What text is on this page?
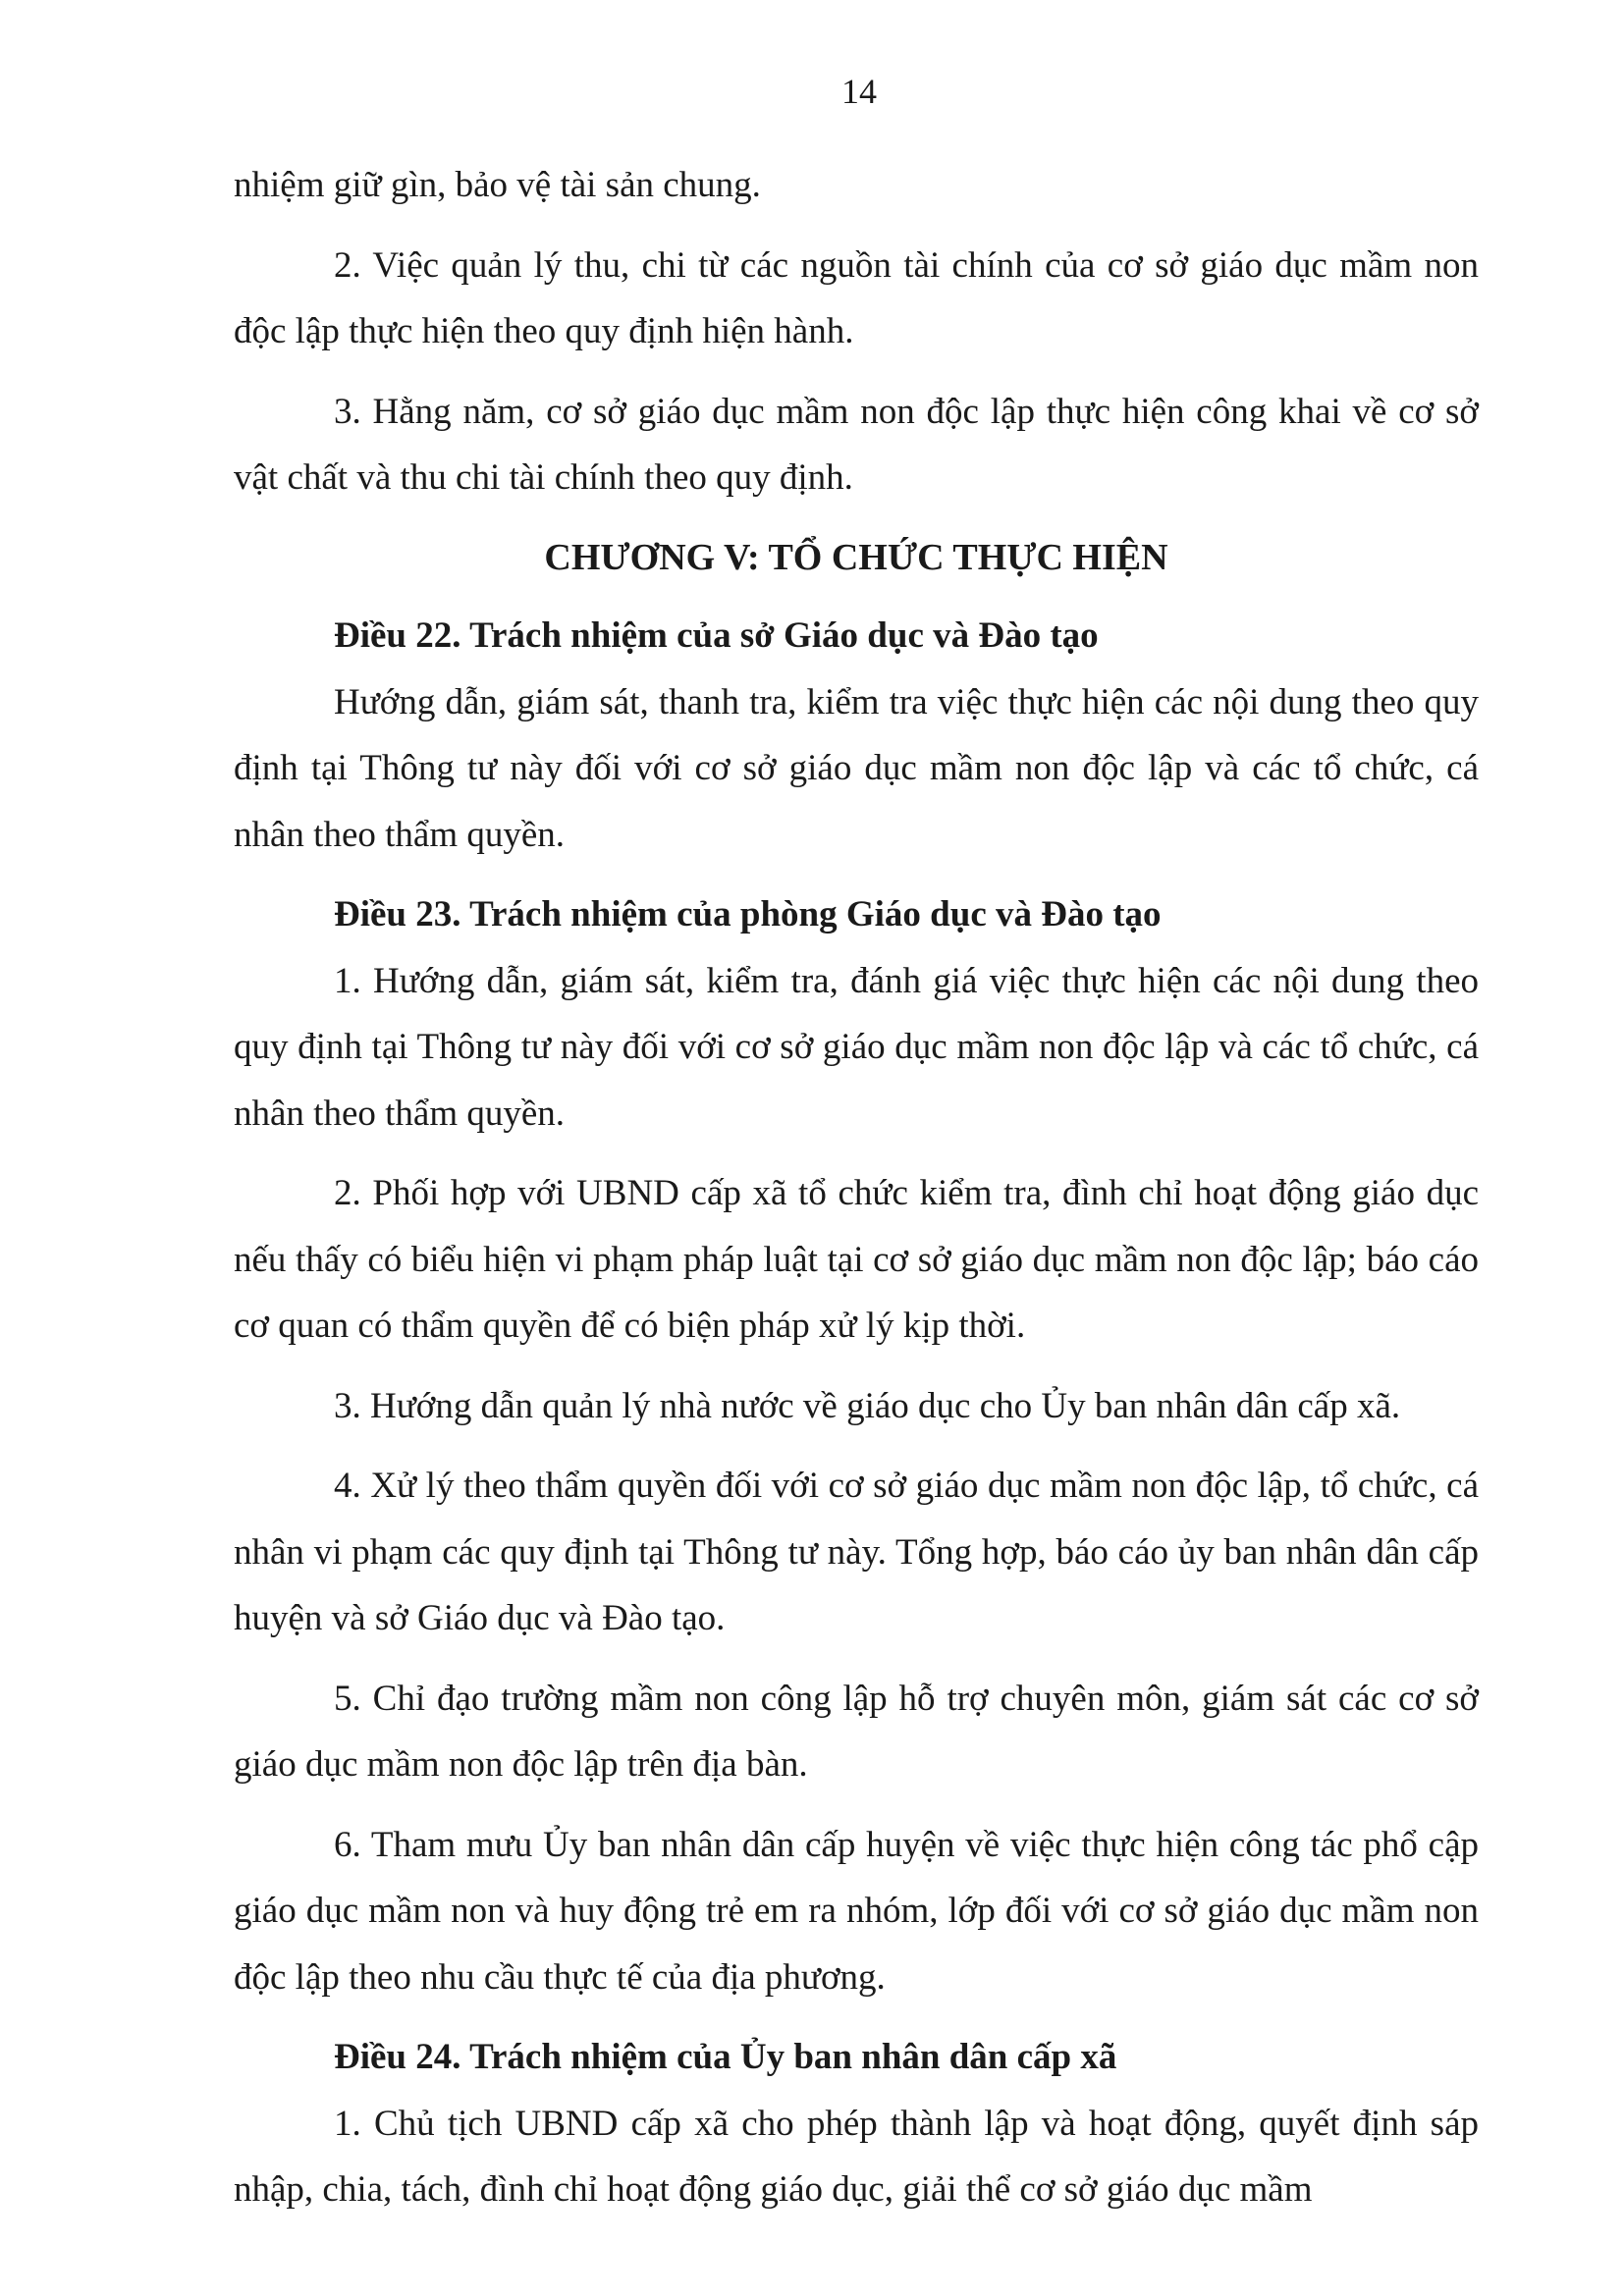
14

nhiệm giữ gìn, bảo vệ tài sản chung.

2. Việc quản lý thu, chi từ các nguồn tài chính của cơ sở giáo dục mầm non độc lập thực hiện theo quy định hiện hành.

3. Hằng năm, cơ sở giáo dục mầm non độc lập thực hiện công khai về cơ sở vật chất và thu chi tài chính theo quy định.

CHƯƠNG V: TỔ CHỨC THỰC HIỆN

Điều 22. Trách nhiệm của sở Giáo dục và Đào tạo

Hướng dẫn, giám sát, thanh tra, kiểm tra việc thực hiện các nội dung theo quy định tại Thông tư này đối với cơ sở giáo dục mầm non độc lập và các tổ chức, cá nhân theo thẩm quyền.

Điều 23. Trách nhiệm của phòng Giáo dục và Đào tạo

1. Hướng dẫn, giám sát, kiểm tra, đánh giá việc thực hiện các nội dung theo quy định tại Thông tư này đối với cơ sở giáo dục mầm non độc lập và các tổ chức, cá nhân theo thẩm quyền.

2. Phối hợp với UBND cấp xã tổ chức kiểm tra, đình chỉ hoạt động giáo dục nếu thấy có biểu hiện vi phạm pháp luật tại cơ sở giáo dục mầm non độc lập; báo cáo cơ quan có thẩm quyền để có biện pháp xử lý kịp thời.

3. Hướng dẫn quản lý nhà nước về giáo dục cho Ủy ban nhân dân cấp xã.

4. Xử lý theo thẩm quyền đối với cơ sở giáo dục mầm non độc lập, tổ chức, cá nhân vi phạm các quy định tại Thông tư này. Tổng hợp, báo cáo ủy ban nhân dân cấp huyện và sở Giáo dục và Đào tạo.

5. Chỉ đạo trường mầm non công lập hỗ trợ chuyên môn, giám sát các cơ sở giáo dục mầm non độc lập trên địa bàn.

6. Tham mưu Ủy ban nhân dân cấp huyện về việc thực hiện công tác phổ cập giáo dục mầm non và huy động trẻ em ra nhóm, lớp đối với cơ sở giáo dục mầm non độc lập theo nhu cầu thực tế của địa phương.

Điều 24. Trách nhiệm của Ủy ban nhân dân cấp xã

1. Chủ tịch UBND cấp xã cho phép thành lập và hoạt động, quyết định sáp nhập, chia, tách, đình chỉ hoạt động giáo dục, giải thể cơ sở giáo dục mầm
